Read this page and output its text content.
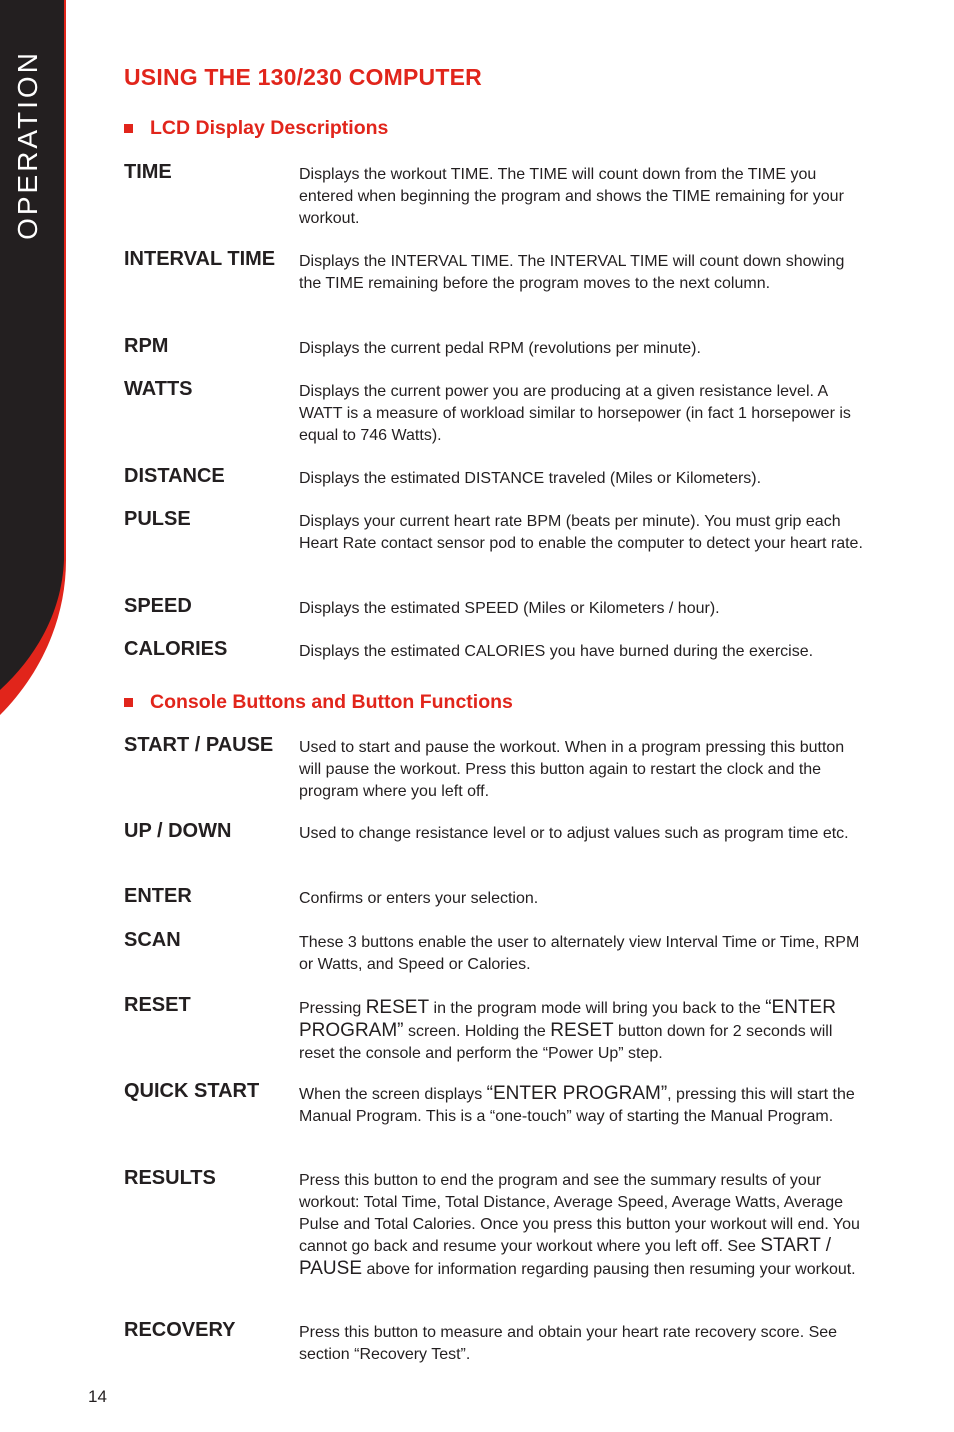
OPERATION	USING THE 130/230 COMPUTER
LCD Display Descriptions
TIME	Displays the workout TIME. The TIME will count down from the TIME you entered when beginning the program and shows the TIME remaining for your workout.
INTERVAL TIME	Displays the INTERVAL TIME. The INTERVAL TIME will count down showing the TIME remaining before the program moves to the next column.
RPM	Displays the current pedal RPM (revolutions per minute).
WATTS	Displays the current power you are producing at a given resistance level. A WATT is a measure of workload similar to horsepower (in fact 1 horsepower is equal to 746 Watts).
DISTANCE	Displays the estimated DISTANCE traveled (Miles or Kilometers).
PULSE	Displays your current heart rate BPM (beats per minute). You must grip each Heart Rate contact sensor pod to enable the computer to detect your heart rate.
SPEED	Displays the estimated SPEED (Miles or Kilometers / hour).
CALORIES	Displays the estimated CALORIES you have burned during the exercise.
Console Buttons and Button Functions
START / PAUSE	Used to start and pause the workout. When in a program pressing this button will pause the workout. Press this button again to restart the clock and the program where you left off.
UP / DOWN	Used to change resistance level or to adjust values such as program time etc.
ENTER	Confirms or enters your selection.
SCAN	These 3 buttons enable the user to alternately view Interval Time or Time, RPM or Watts, and Speed or Calories.
RESET	Pressing RESET in the program mode will bring you back to the “ENTER PROGRAM” screen. Holding the RESET button down for 2 seconds will reset the console and perform the “Power Up” step.
QUICK START	When the screen displays “ENTER PROGRAM”, pressing this will start the Manual Program. This is a “one-touch” way of starting the Manual Program.
RESULTS	Press this button to end the program and see the summary results of your workout: Total Time, Total Distance, Average Speed, Average Watts, Average Pulse and Total Calories. Once you press this button your workout will end. You cannot go back and resume your workout where you left off. See START / PAUSE above for information regarding pausing then resuming your workout.
RECOVERY	Press this button to measure and obtain your heart rate recovery score. See section “Recovery Test”.
14
